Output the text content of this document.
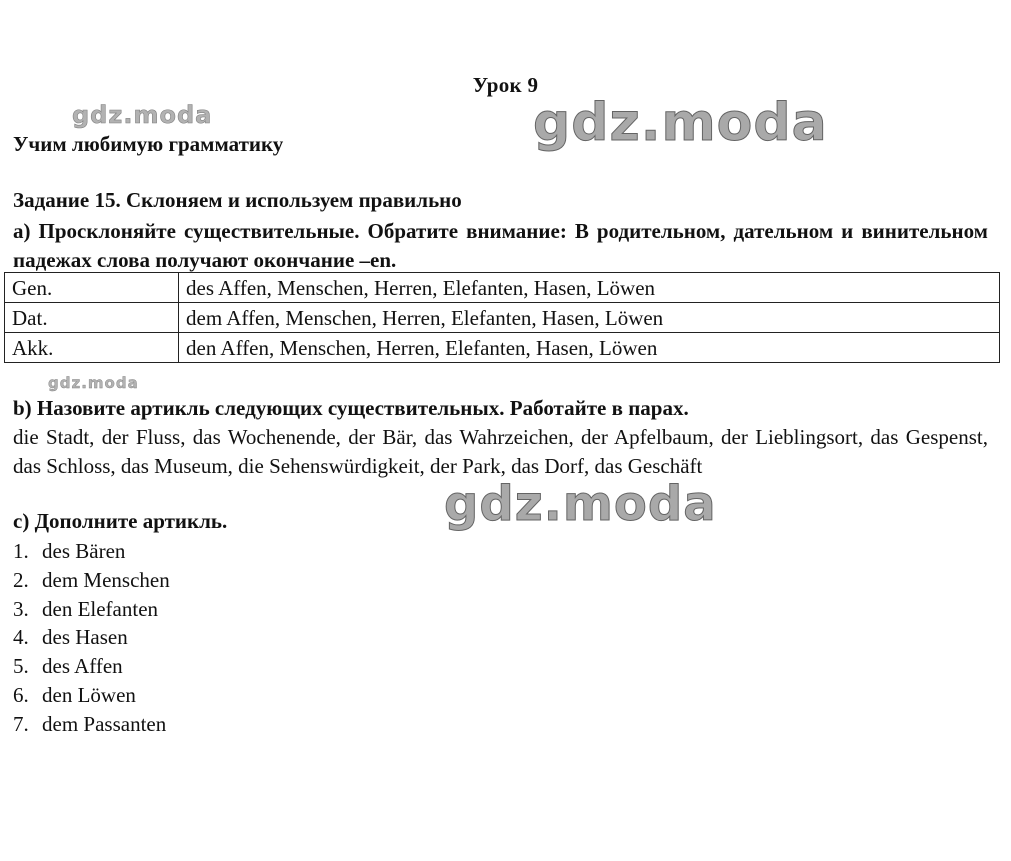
Урок 9
Учим любимую грамматику
Задание 15. Склоняем и используем правильно
а) Просклоняйте существительные. Обратите внимание: В родительном, дательном и винительном падежах слова получают окончание –en.
Gen.	des Affen, Menschen, Herren, Elefanten, Hasen, Löwen
Dat.	dem Affen, Menschen, Herren, Elefanten, Hasen, Löwen
Akk.	den Affen, Menschen, Herren, Elefanten, Hasen, Löwen
b) Назовите артикль следующих существительных. Работайте в парах.
die Stadt, der Fluss, das Wochenende, der Bär, das Wahrzeichen, der Apfelbaum, der Lieblingsort, das Gespenst, das Schloss, das Museum, die Sehenswürdigkeit, der Park, das Dorf, das Geschäft
c) Дополните артикль.
1. des Bären
2. dem Menschen
3. den Elefanten
4. des Hasen
5. des Affen
6. den Löwen
7. dem Passanten
gdz.moda	gdz.moda
gdz.moda
gdz.moda
